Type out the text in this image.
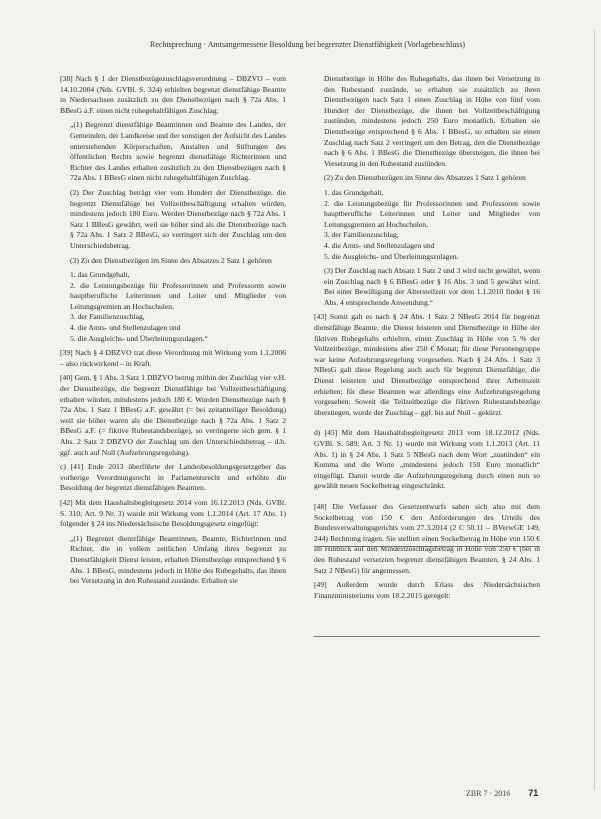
Rechtsprechung · Amtsangemessene Besoldung bei begrenzter Dienstfähigkeit (Vorlagebeschluss)

[38] Nach § 1 der Dienstbezügezuschlagsverordnung – DBZVO – vom 14.10.2004 (Nds. GVBl. S. 324) erhielten begrenzt dienstfähige Beamte in Niedersachsen zusätzlich zu den Dienstbezügen nach § 72a Abs. 1 BBesG a.F. einen nicht ruhegehaltfähigen Zuschlag:

„(1) Begrenzt dienstfähige Beamtinnen und Beamte des Landes, der Gemeinden, der Landkreise und der sonstigen der Aufsicht des Landes unterstehenden Körperschaften, Anstalten und Stiftungen des öffentlichen Rechts sowie begrenzt dienstfähige Richterinnen und Richter des Landes erhalten zusätzlich zu den Dienstbezügen nach § 72a Abs. 1 BBesG einen nicht ruhegehaltfähigen Zuschlag.

(2) Der Zuschlag beträgt vier vom Hundert der Dienstbezüge, die begrenzt Dienstfähige bei Vollzeitbeschäftigung erhalten würden, mindestens jedoch 180 Euro. Werden Dienstbezüge nach § 72a Abs. 1 Satz 1 BBesG gewährt, weil sie höher sind als die Dienstbezüge nach § 72a Abs. 1 Satz 2 BBesG, so verringert sich der Zuschlag um den Unterschiedsbetrag.

(3) Zu den Dienstbezügen im Sinne des Absatzes 2 Satz 1 gehören

1. das Grundgehalt,
2. die Leistungsbezüge für Professorinnen und Professoren sowie hauptberufliche Leiterinnen und Leiter und Mitglieder von Leitungsgremien an Hochschulen,
3. der Familienzuschlag,
4. die Amts- und Stellenzulagen und
5. die Ausgleichs- und Überleitungszulagen.“

[39] Nach § 4 DBZVO trat diese Verordnung mit Wirkung vom 1.1.2006 – also rückwirkend – in Kraft.

[40] Gem. § 1 Abs. 3 Satz 1 DBZVO betrug mithin der Zuschlag vier v.H. der Dienstbezüge, die begrenzt Dienstfähige bei Vollzeitbeschäftigung erhalten würden, mindestens jedoch 180 €. Wurden Dienstbezüge nach § 72a Abs. 1 Satz 1 BBesG a.F. gewährt (= bei zeitanteiliger Besoldung) weil sie höher waren als die Dienstbezüge nach § 72a Abs. 1 Satz 2 BBesG a.F. (= fiktive Ruhestandsbezüge), so verringerte sich gem. § 1 Abs. 2 Satz 2 DBZVO der Zuschlag um den Unterschiedsbetrag – d.h. ggf. auch auf Null (Aufzehrungsregelung).

c) [41] Ende 2013 überführte der Landesbesoldungsgesetzgeber das vorherige Verordnungsrecht in Parlamentsrecht und erhöhte die Besoldung der begrenzt dienstfähigen Beamten.

[42] Mit dem Haushaltsbegleitgesetz 2014 vom 16.12.2013 (Nds. GVBl. S. 310; Art. 9 Nr. 3) wurde mit Wirkung vom 1.1.2014 (Art. 17 Abs. 1) folgender § 24 ins Niedersächsische Besoldungsgesetz eingefügt:

„(1) Begrenzt dienstfähige Beamtinnen, Beamte, Richterinnen und Richter, die in vollem zeitlichen Umfang ihres begrenzt zu Dienstfähigkeit Dienst leisten, erhalten Dienstbezüge entsprechend § 6 Abs. 1 BBesG, mindestens jedoch in Höhe des Ruhegehalts, das ihnen bei Versetzung in den Ruhestand zustände. Erhalten sie

Dienstbezüge in Höhe des Ruhegehalts, das ihnen bei Versetzung in den Ruhestand zustände, so erhalten sie zusätzlich zu ihren Dienstbezügen nach Satz 1 einen Zuschlag in Höhe von fünf vom Hundert der Dienstbezüge, die ihnen bei Vollzeitbeschäftigung zustünden, mindestens jedoch 250 Euro monatlich. Erhalten sie Dienstbezüge entsprechend § 6 Abs. 1 BBesG, so erhalten sie einen Zuschlag nach Satz 2 verringert um den Betrag, den die Dienstbezüge nach § 6 Abs. 1 BBesG die Dienstbezüge übersteigen, die ihnen bei Versetzung in den Ruhestand zustünden.

(2) Zu den Dienstbezügen im Sinne des Absatzes 1 Satz 1 gehören

1. das Grundgehalt,
2. die Leistungsbezüge für Professorinnen und Professoren sowie hauptberufliche Leiterinnen und Leiter und Mitglieder von Leitungsgremien an Hochschulen,
3. der Familienzuschlag,
4. die Amts- und Stellenzulagen und
5. die Ausgleichs- und Überleitungszulagen.

(3) Der Zuschlag nach Absatz 1 Satz 2 und 3 wird nicht gewährt, wenn ein Zuschlag nach § 6 BBesG oder § 16 Abs. 3 und 5 gewährt wird. Bei einer Bewilligung der Altersteilzeit vor dem 1.1.2010 findet § 16 Abs. 4 entsprechende Anwendung.“

[43] Somit galt es nach § 24 Abs. 1 Satz 2 NBesG 2014 für begrenzt dienstfähige Beamte, die Dienst leisteten und Dienstbezüge in Höhe der fiktiven Ruhegehalts erhielten, einen Zuschlag in Höhe von 5 % der Vollzeitbezüge, mindestens aber 250 € Monat; für diese Personengruppe war keine Aufzehrungsregelung vorgesehen. Nach § 24 Abs. 1 Satz 3 NBesG galt diese Regelung auch auch für begrenzt Dienstfähige, die Dienst leisteten und Dienstbezüge entsprechend ihrer Arbeitszeit erhielten; für diese Beamten war allerdings eine Aufzehrungsregelung vorgesehen: Soweit die Teilzeitbezüge die fiktiven Ruhestandsbezüge überstiegen, wurde der Zuschlag – ggf. bis auf Null – gekürzt.

d) [45] Mit dem Haushaltsbegleitgesetz 2013 vom 18.12.2012 (Nds. GVBl. S. 589; Art. 3 Nr. 1) wurde mit Wirkung vom 1.1.2013 (Art. 11 Abs. 1) in § 24 Abs. 1 Satz 5 NBesG nach dem Wort „zustünden“ ein Komma und die Worte „mindestens jedoch 150 Euro monatlich“ eingefügt. Damit wurde die Aufzehrungsregelung durch einen nun so gewählt neuen Sockelbetrag eingeschränkt.

[48] Die Verfasser des Gesetzentwurfs sahen sich also mit dem Sockelbetrag von 150 € den Anforderungen des Urteils des Bundesverwaltungsgerichts vom 27.3.2014 (2 C 50.11 – BVerwGE 149, 244) Rechnung tragen. Sie stellten einen Sockelbetrag in Höhe von 150 € im Hinblick auf den Mindestzuschlagsbetrag in Höhe von 250 € (bei in den Ruhestand versetzten begrenzt dienstfähigen Beamten, § 24 Abs. 1 Satz 2 NBesG) für angemessen.

[49] Außerdem wurde durch Erlass des Niedersächsischen Finanzministeriums vom 18.2.2015 geregelt:

ZBR 7 · 2016 71
